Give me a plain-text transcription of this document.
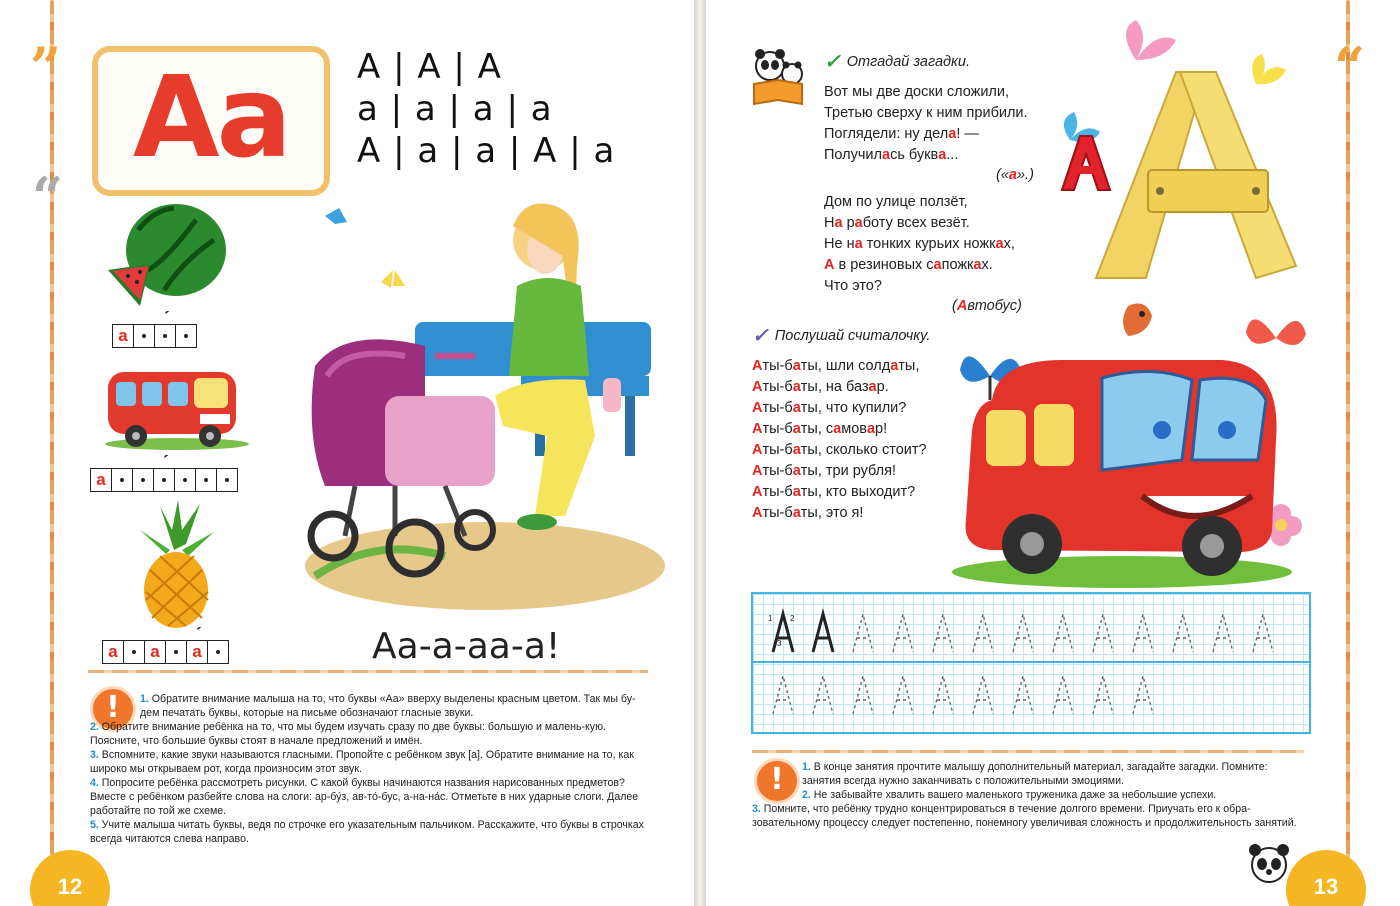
”
“
Аа	А | А | А
а | а | а | а
А | а | а | А | а
а
´
а
´
а а а
´	Аа-а-аа-а!
!	1. Обратите внимание малыша на то, что буквы «Аа» вверху выделены красным цветом. Так мы бу-дем печатать буквы, которые на письме обозначают гласные звуки.

2. Обратите внимание ребёнка на то, что мы будем изучать сразу по две буквы: большую и малень-кую. Поясните, что большие буквы стоят в начале предложений и имён.

3. Вспомните, какие звуки называются гласными. Пропойте с ребёнком звук [а]. Обратите внимание на то, как широко мы открываем рот, когда произносим этот звук.

4. Попросите ребёнка рассмотреть рисунки. С какой буквы начинаются названия нарисованных предметов? Вместе с ребёнком разбейте слова на слоги: ар-бу́з, ав-то́-бус, а-на-на́с. Отметьте в них ударные слоги. Далее работайте по той же схеме.

5. Учите малыша читать буквы, ведя по строчке его указательным пальчиком. Расскажите, что буквы в строчках всегда читаются слева направо.

12
“
✓ Отгадай загадки.
Вот мы две доски сложили,
Третью сверху к ним прибили.
Поглядели: ну дела! —
Получилась буква...
(«а».)
Дом по улице ползёт,
На работу всех везёт.
Не на тонких курьих ножках,
А в резиновых сапожках.
Что это?
(Автобус)
✓ Послушай считалочку.
Аты-баты, шли солдаты,
Аты-баты, на базар.
Аты-баты, что купили?
Аты-баты, самовар!
Аты-баты, сколько стоит?
Аты-баты, три рубля!
Аты-баты, кто выходит?
Аты-баты, это я!
1 2
3
!	1. В конце занятия прочтите малышу дополнительный материал, загадайте загадки. Помните: занятия всегда нужно заканчивать с положительными эмоциями.

2. Не забывайте хвалить вашего маленького труженика даже за небольшие успехи.

3. Помните, что ребёнку трудно концентрироваться в течение долгого времени. Приучать его к обра-зовательному процессу следует постепенно, понемногу увеличивая сложность и продолжительность занятий.

13
